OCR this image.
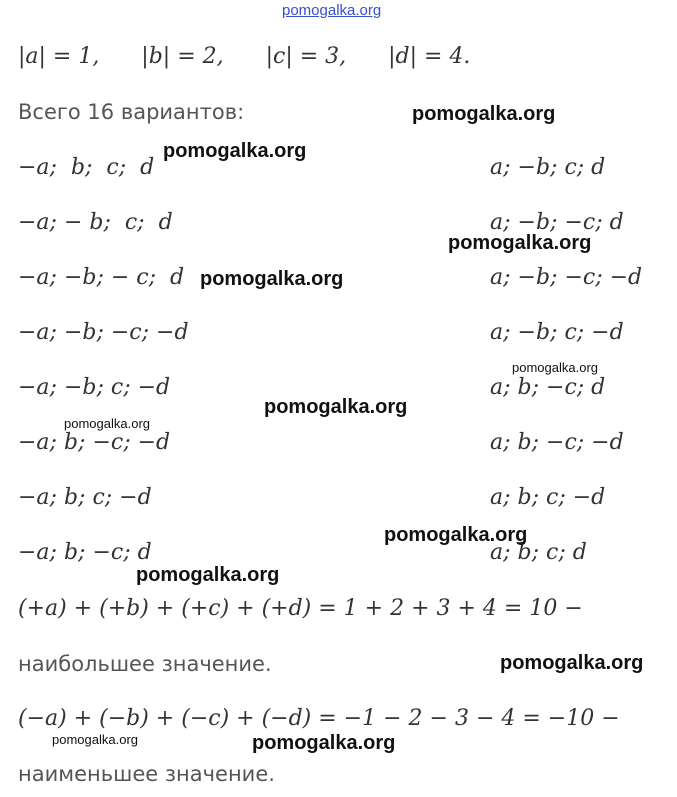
pomogalka.org
|a| = 1,      |b| = 2,      |c| = 3,      |d| = 4.
Всего 16 вариантов:
−a;  b;  c;  d
−a; − b;  c;  d
−a; −b; − c;  d
−a; −b; −c; −d
−a; −b; c; −d
−a; b; −c; −d
−a; b; c; −d
−a; b; −c; d
a; −b; c; d
a; −b; −c; d
a; −b; −c; −d
a; −b; c; −d
a; b; −c; d
a; b; −c; −d
a; b; c; −d
a; b; c; d
(+a) + (+b) + (+c) + (+d) = 1 + 2 + 3 + 4 = 10 −
наибольшее значение.
(−a) + (−b) + (−c) + (−d) = −1 − 2 − 3 − 4 = −10 −
наименьшее значение.
pomogalka.org
pomogalka.org
pomogalka.org
pomogalka.org
pomogalka.org
pomogalka.org
pomogalka.org
pomogalka.org
pomogalka.org
pomogalka.org
pomogalka.org	pomogalka.org
